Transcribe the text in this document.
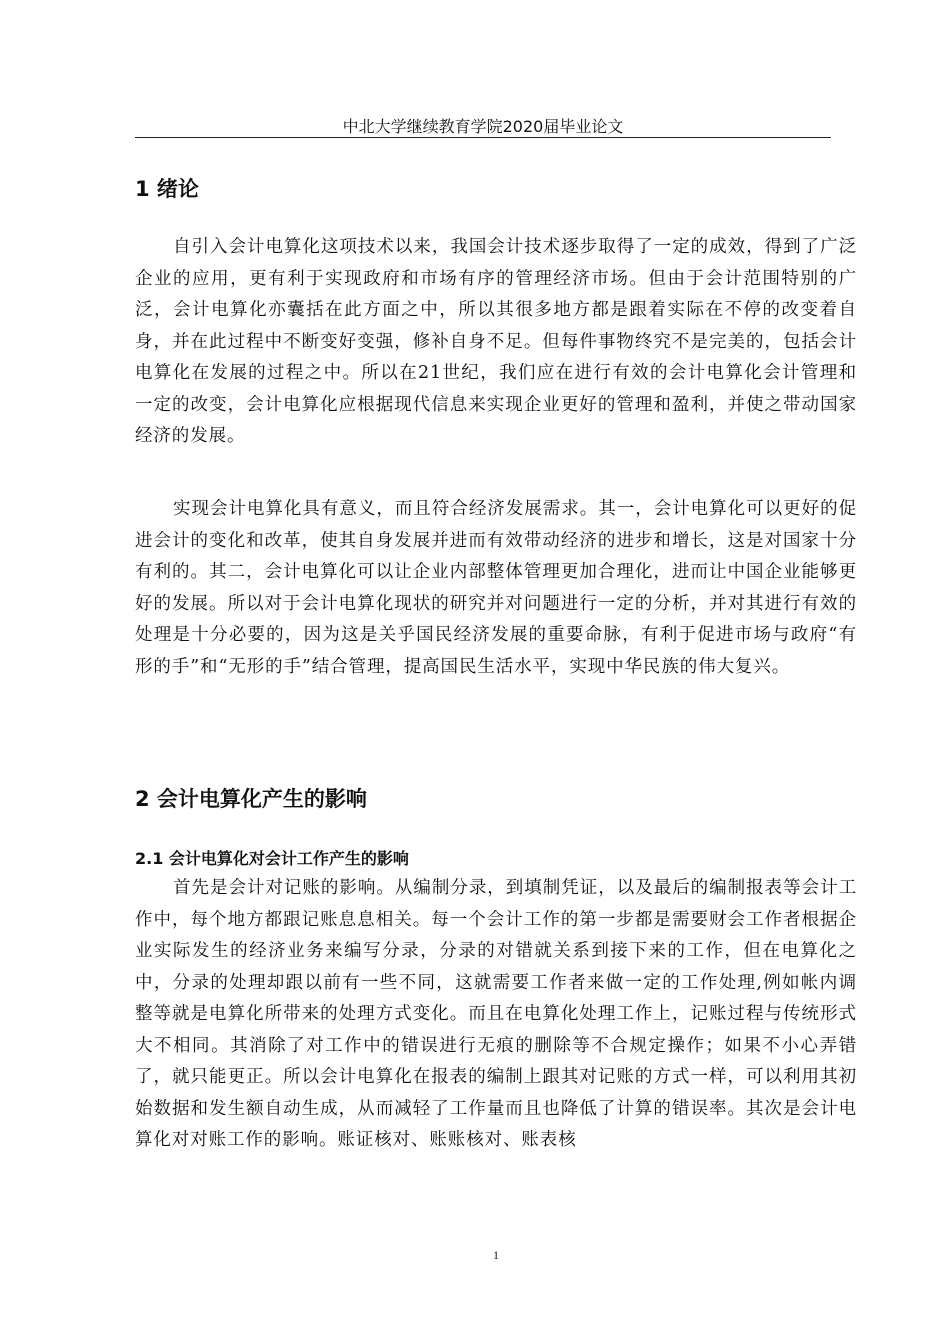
中北大学继续教育学院2020届毕业论文
1 绪论

自引入会计电算化这项技术以来，我国会计技术逐步取得了一定的成效，得到了广泛企业的应用，更有利于实现政府和市场有序的管理经济市场。但由于会计范围特别的广泛，会计电算化亦囊括在此方面之中，所以其很多地方都是跟着实际在不停的改变着自身，并在此过程中不断变好变强，修补自身不足。但每件事物终究不是完美的，包括会计电算化在发展的过程之中。所以在21世纪，我们应在进行有效的会计电算化会计管理和一定的改变，会计电算化应根据现代信息来实现企业更好的管理和盈利，并使之带动国家经济的发展。

实现会计电算化具有意义，而且符合经济发展需求。其一，会计电算化可以更好的促进会计的变化和改革，使其自身发展并进而有效带动经济的进步和增长，这是对国家十分有利的。其二，会计电算化可以让企业内部整体管理更加合理化，进而让中国企业能够更好的发展。所以对于会计电算化现状的研究并对问题进行一定的分析，并对其进行有效的处理是十分必要的，因为这是关乎国民经济发展的重要命脉，有利于促进市场与政府“有形的手”和“无形的手”结合管理，提高国民生活水平，实现中华民族的伟大复兴。

2 会计电算化产生的影响
2.1 会计电算化对会计工作产生的影响

首先是会计对记账的影响。从编制分录，到填制凭证，以及最后的编制报表等会计工作中，每个地方都跟记账息息相关。每一个会计工作的第一步都是需要财会工作者根据企业实际发生的经济业务来编写分录，分录的对错就关系到接下来的工作，但在电算化之中，分录的处理却跟以前有一些不同，这就需要工作者来做一定的工作处理,例如帐内调整等就是电算化所带来的处理方式变化。而且在电算化处理工作上，记账过程与传统形式大不相同。其消除了对工作中的错误进行无痕的删除等不合规定操作；如果不小心弄错了，就只能更正。所以会计电算化在报表的编制上跟其对记账的方式一样，可以利用其初始数据和发生额自动生成，从而减轻了工作量而且也降低了计算的错误率。其次是会计电算化对对账工作的影响。账证核对、账账核对、账表核

1
